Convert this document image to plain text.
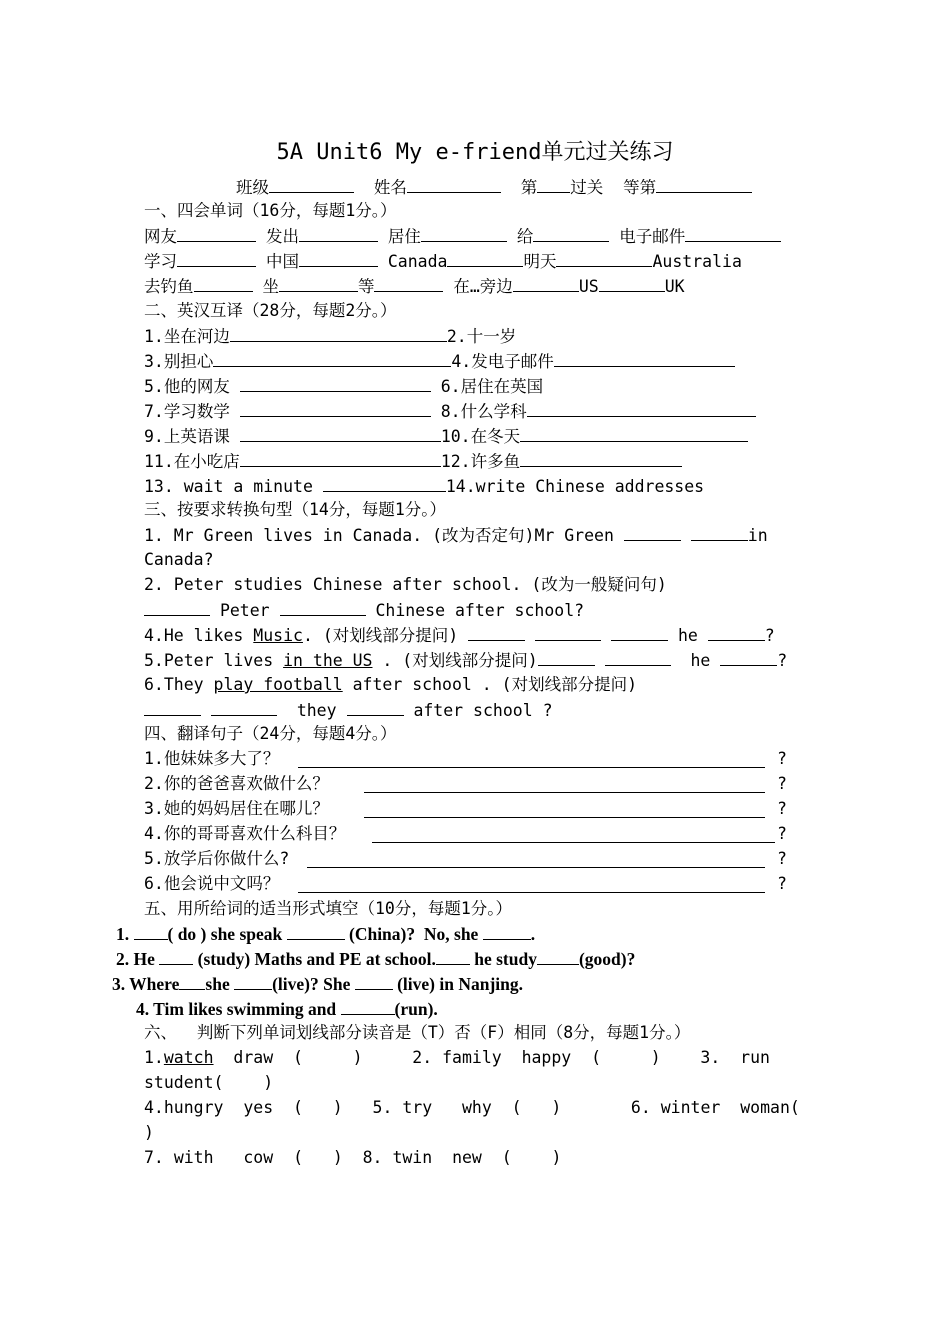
5A Unit6 My e-friend单元过关练习
班级	姓名	第 过关 等第
一、四会单词（16分，每题1分。）
网友	发出	居住	给	电子邮件
学习	中国	Canada	明天	Australia
去钓鱼	坐	等	在…旁边	US	UK
二、英汉互译（28分，每题2分。）
1.坐在河边	2.十一岁
3.别担心	4.发电子邮件
5.他的网友	6.居住在英国
7.学习数学	8.什么学科
9.上英语课	10.在冬天
11.在小吃店	12.许多鱼
13. wait a minute	14.write Chinese addresses
三、按要求转换句型（14分，每题1分。）
1. Mr Green lives in Canada. (改为否定句)Mr Green	in
Canada?
2. Peter studies Chinese after school. (改为一般疑问句)
Peter	Chinese after school?
4.He likes Music. (对划线部分提问)	he	?
5.Peter lives in the US . (对划线部分提问)	he	?
6.They play football after school . (对划线部分提问)
they	after school ?
四、翻译句子（24分，每题4分。）
1.他妹妹多大了？	?
2.你的爸爸喜欢做什么？	?
3.她的妈妈居住在哪儿？	?
4.你的哥哥喜欢什么科目？	?
5.放学后你做什么?	?
6.他会说中文吗？	?
五、用所给词的适当形式填空（10分，每题1分。）
1. ( do ) she speak	(China)?  No, she	.
2. He  (study) Maths and PE at school. he study (good)?
3. Where she (live)? She  (live) in Nanjing.
4. Tim likes swimming and	(run).
六、  判断下列单词划线部分读音是（T）否（F）相同（8分，每题1分。）
1.watch draw (	)	2. family happy (	) 3. run
student( )
4.hungry yes ( ) 5. try why ( )	6. winter woman(
)
7. with cow ( ) 8. twin new ( )
